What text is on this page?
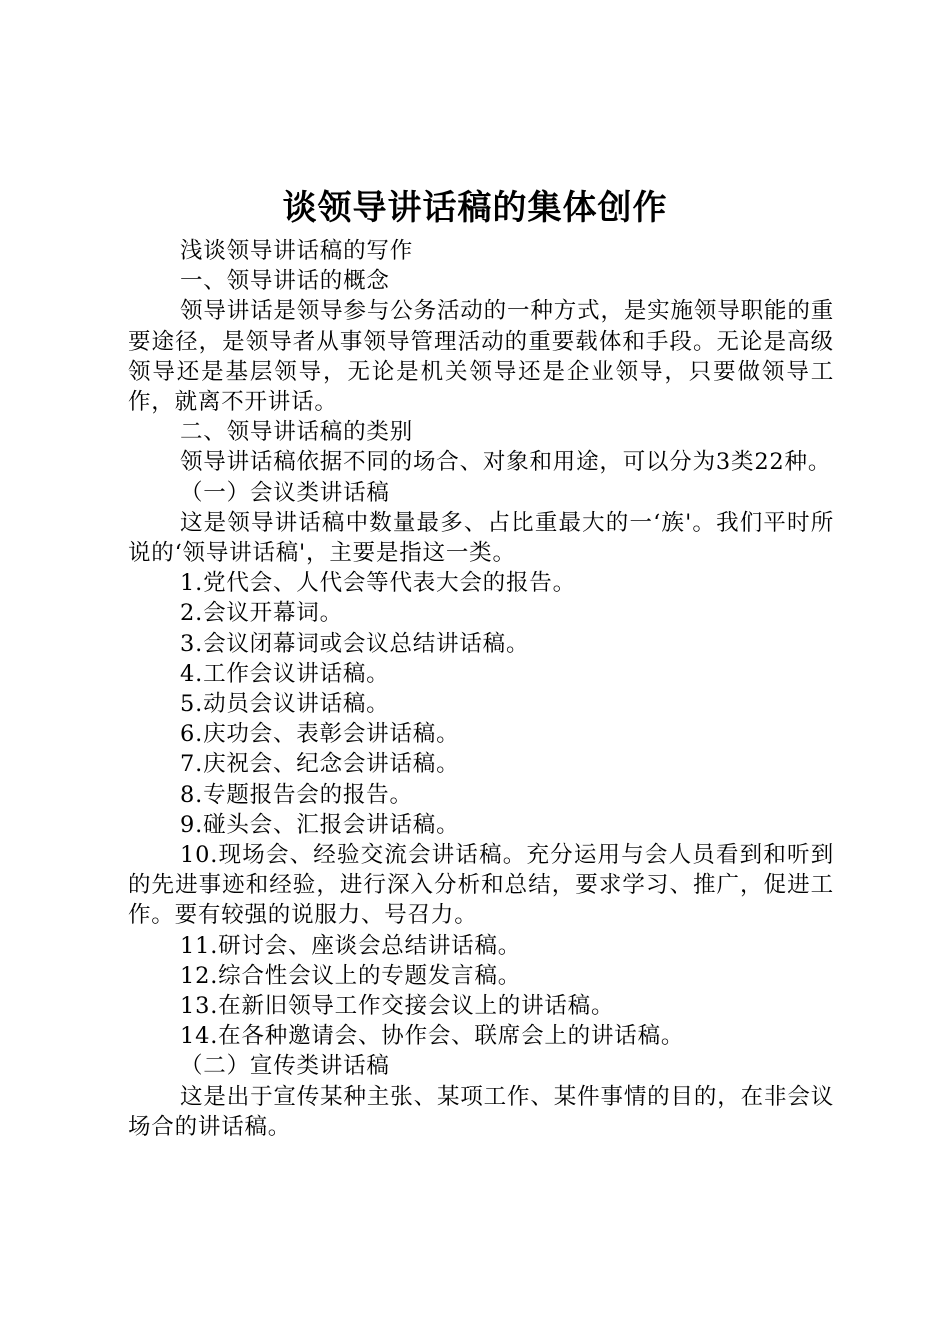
谈领导讲话稿的集体创作

浅谈领导讲话稿的写作

一、领导讲话的概念

领导讲话是领导参与公务活动的一种方式，是实施领导职能的重要途径，是领导者从事领导管理活动的重要载体和手段。无论是高级领导还是基层领导，无论是机关领导还是企业领导，只要做领导工作，就离不开讲话。

二、领导讲话稿的类别

领导讲话稿依据不同的场合、对象和用途，可以分为3类22种。

（一）会议类讲话稿

这是领导讲话稿中数量最多、占比重最大的一‘族'。我们平时所说的‘领导讲话稿'，主要是指这一类。

1.党代会、人代会等代表大会的报告。

2.会议开幕词。

3.会议闭幕词或会议总结讲话稿。

4.工作会议讲话稿。

5.动员会议讲话稿。

6.庆功会、表彰会讲话稿。

7.庆祝会、纪念会讲话稿。

8.专题报告会的报告。

9.碰头会、汇报会讲话稿。

10.现场会、经验交流会讲话稿。充分运用与会人员看到和听到的先进事迹和经验，进行深入分析和总结，要求学习、推广，促进工作。要有较强的说服力、号召力。

11.研讨会、座谈会总结讲话稿。

12.综合性会议上的专题发言稿。

13.在新旧领导工作交接会议上的讲话稿。

14.在各种邀请会、协作会、联席会上的讲话稿。

（二）宣传类讲话稿

这是出于宣传某种主张、某项工作、某件事情的目的，在非会议场合的讲话稿。
